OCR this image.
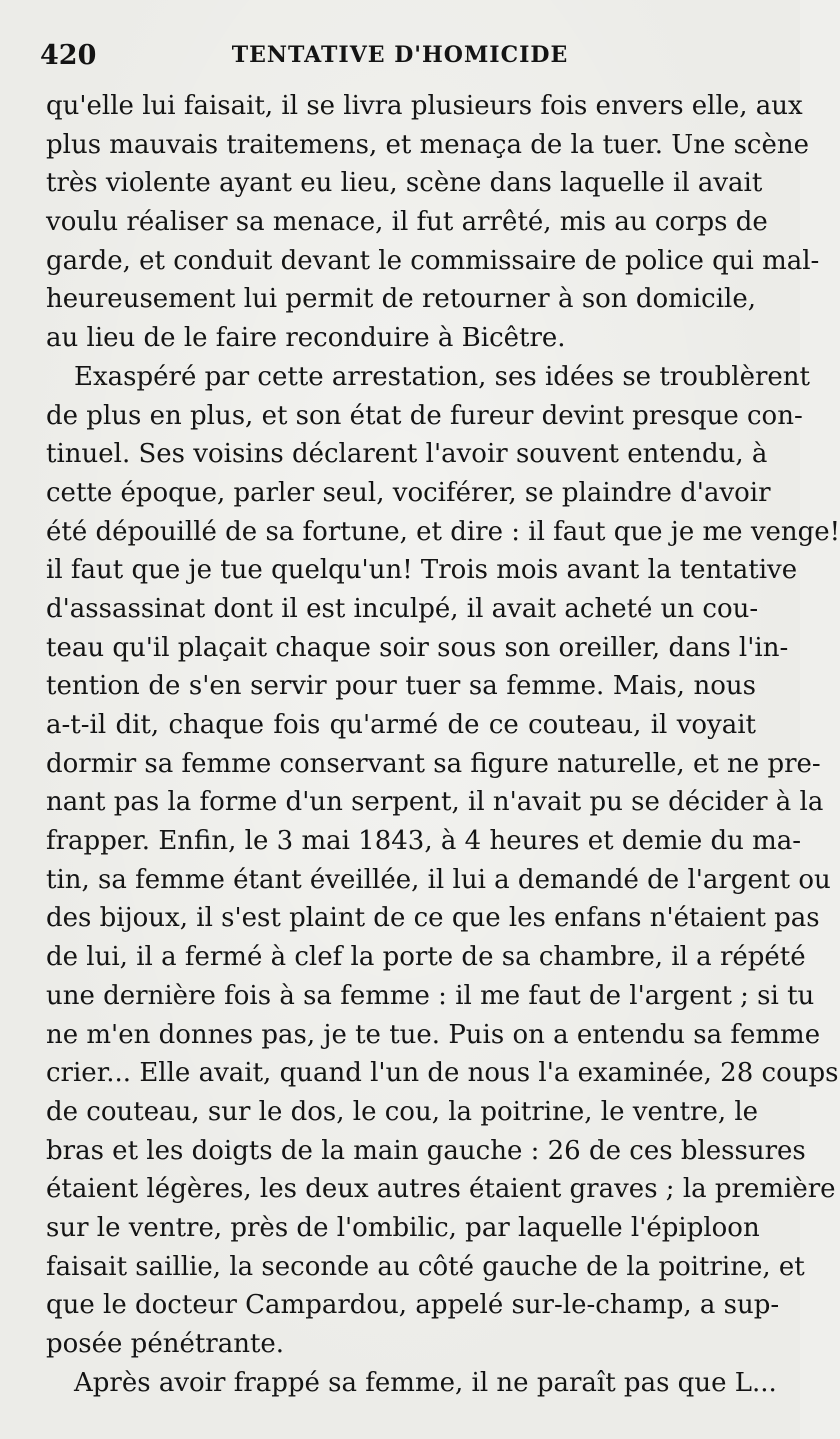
420	TENTATIVE D'HOMICIDE
qu'elle lui faisait, il se livra plusieurs fois envers elle, aux
plus mauvais traitemens, et menaça de la tuer. Une scène
très violente ayant eu lieu, scène dans laquelle il avait
voulu réaliser sa menace, il fut arrêté, mis au corps de
garde, et conduit devant le commissaire de police qui mal-
heureusement lui permit de retourner à son domicile,
au lieu de le faire reconduire à Bicêtre.
Exaspéré par cette arrestation, ses idées se troublèrent
de plus en plus, et son état de fureur devint presque con-
tinuel. Ses voisins déclarent l'avoir souvent entendu, à
cette époque, parler seul, vociférer, se plaindre d'avoir
été dépouillé de sa fortune, et dire : il faut que je me venge!
il faut que je tue quelqu'un! Trois mois avant la tentative
d'assassinat dont il est inculpé, il avait acheté un cou-
teau qu'il plaçait chaque soir sous son oreiller, dans l'in-
tention de s'en servir pour tuer sa femme. Mais, nous
a-t-il dit, chaque fois qu'armé de ce couteau, il voyait
dormir sa femme conservant sa figure naturelle, et ne pre-
nant pas la forme d'un serpent, il n'avait pu se décider à la
frapper. Enfin, le 3 mai 1843, à 4 heures et demie du ma-
tin, sa femme étant éveillée, il lui a demandé de l'argent ou
des bijoux, il s'est plaint de ce que les enfans n'étaient pas
de lui, il a fermé à clef la porte de sa chambre, il a répété
une dernière fois à sa femme : il me faut de l'argent ; si tu
ne m'en donnes pas, je te tue. Puis on a entendu sa femme
crier... Elle avait, quand l'un de nous l'a examinée, 28 coups
de couteau, sur le dos, le cou, la poitrine, le ventre, le
bras et les doigts de la main gauche : 26 de ces blessures
étaient légères, les deux autres étaient graves ; la première
sur le ventre, près de l'ombilic, par laquelle l'épiploon
faisait saillie, la seconde au côté gauche de la poitrine, et
que le docteur Campardou, appelé sur-le-champ, a sup-
posée pénétrante.
Après avoir frappé sa femme, il ne paraît pas que L...
